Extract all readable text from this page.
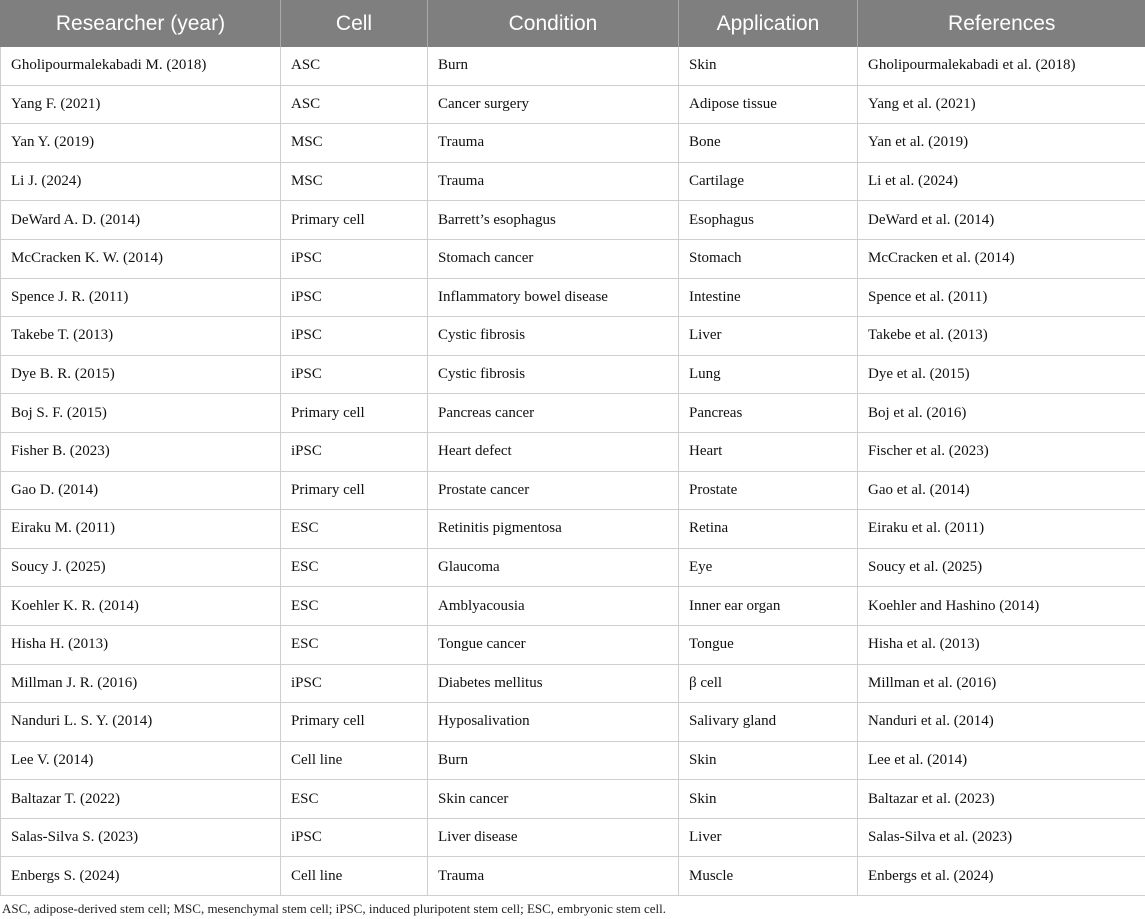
Researcher (year)	Cell	Condition	Application	References
Gholipourmalekabadi M. (2018)	ASC	Burn	Skin	Gholipourmalekabadi et al. (2018)
Yang F. (2021)	ASC	Cancer surgery	Adipose tissue	Yang et al. (2021)
Yan Y. (2019)	MSC	Trauma	Bone	Yan et al. (2019)
Li J. (2024)	MSC	Trauma	Cartilage	Li et al. (2024)
DeWard A. D. (2014)	Primary cell	Barrett’s esophagus	Esophagus	DeWard et al. (2014)
McCracken K. W. (2014)	iPSC	Stomach cancer	Stomach	McCracken et al. (2014)
Spence J. R. (2011)	iPSC	Inflammatory bowel disease	Intestine	Spence et al. (2011)
Takebe T. (2013)	iPSC	Cystic fibrosis	Liver	Takebe et al. (2013)
Dye B. R. (2015)	iPSC	Cystic fibrosis	Lung	Dye et al. (2015)
Boj S. F. (2015)	Primary cell	Pancreas cancer	Pancreas	Boj et al. (2016)
Fisher B. (2023)	iPSC	Heart defect	Heart	Fischer et al. (2023)
Gao D. (2014)	Primary cell	Prostate cancer	Prostate	Gao et al. (2014)
Eiraku M. (2011)	ESC	Retinitis pigmentosa	Retina	Eiraku et al. (2011)
Soucy J. (2025)	ESC	Glaucoma	Eye	Soucy et al. (2025)
Koehler K. R. (2014)	ESC	Amblyacousia	Inner ear organ	Koehler and Hashino (2014)
Hisha H. (2013)	ESC	Tongue cancer	Tongue	Hisha et al. (2013)
Millman J. R. (2016)	iPSC	Diabetes mellitus	β cell	Millman et al. (2016)
Nanduri L. S. Y. (2014)	Primary cell	Hyposalivation	Salivary gland	Nanduri et al. (2014)
Lee V. (2014)	Cell line	Burn	Skin	Lee et al. (2014)
Baltazar T. (2022)	ESC	Skin cancer	Skin	Baltazar et al. (2023)
Salas-Silva S. (2023)	iPSC	Liver disease	Liver	Salas-Silva et al. (2023)
Enbergs S. (2024)	Cell line	Trauma	Muscle	Enbergs et al. (2024)
ASC, adipose-derived stem cell; MSC, mesenchymal stem cell; iPSC, induced pluripotent stem cell; ESC, embryonic stem cell.
